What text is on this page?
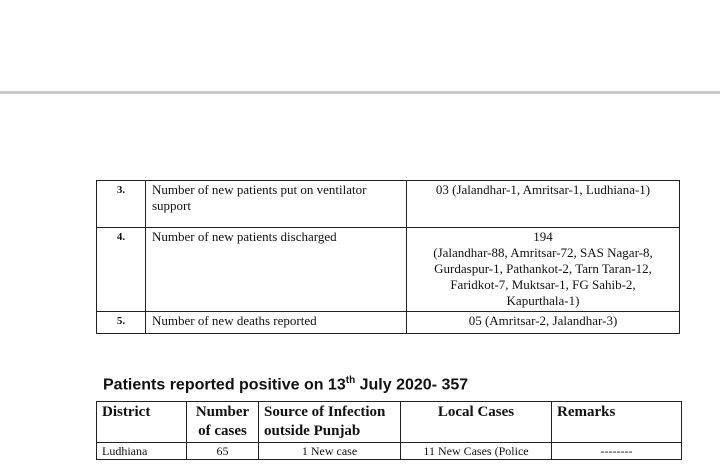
3.	Number of new patients put on ventilator support	03 (Jalandhar-1, Amritsar-1, Ludhiana-1)

4.	Number of new patients discharged	194
(Jalandhar-88, Amritsar-72, SAS Nagar-8,
Gurdaspur-1, Pathankot-2, Tarn Taran-12,
Faridkot-7, Muktsar-1, FG Sahib-2,
Kapurthala-1)

5.	Number of new deaths reported	05 (Amritsar-2, Jalandhar-3)
Patients reported positive on 13th July 2020- 357
District	Number of cases	Source of Infection outside Punjab	Local Cases	Remarks
Ludhiana	65	1 New case	11 New Cases (Police	--------
